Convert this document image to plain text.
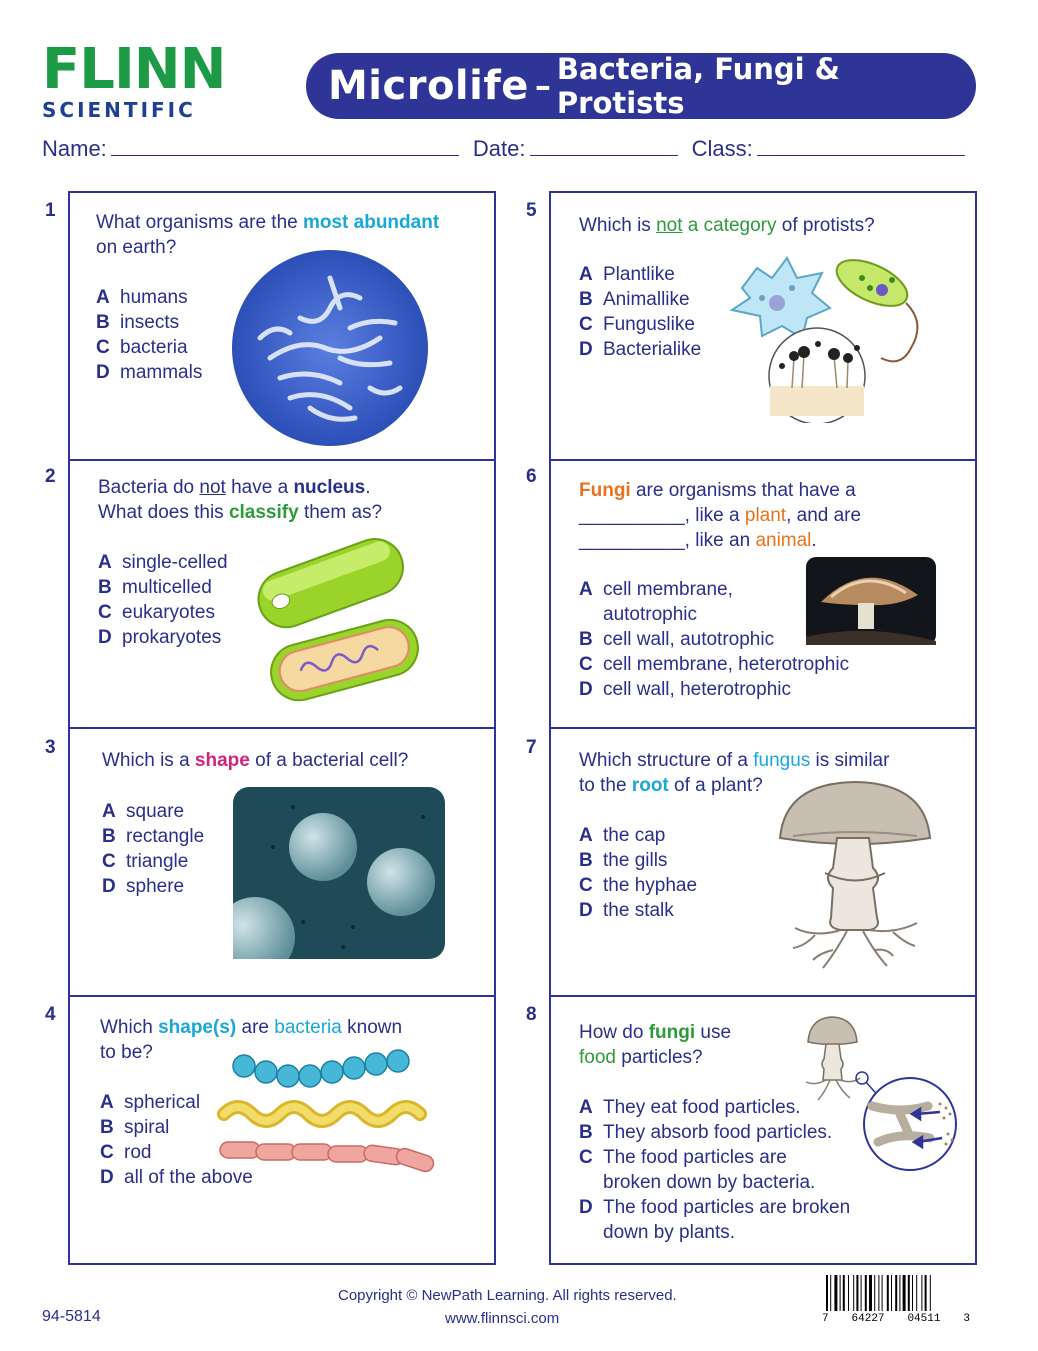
FLINN
SCIENTIFIC
Microlife – Bacteria, Fungi & Protists
Name:	Date:	Class:
1
What organisms are the most abundant
on earth?
A humans
B insects
C bacteria
D mammals
2
Bacteria do not have a nucleus.
What does this classify them as?
A single-celled
B multicelled
C eukaryotes
D prokaryotes
3
Which is a shape of a bacterial cell?
A square
B rectangle
C triangle
D sphere
4
Which shape(s) are bacteria known
to be?
A spherical
B spiral
C rod
D all of the above
5
Which is not a category of protists?
A Plantlike
B Animallike
C Funguslike
D Bacterialike
6
Fungi are organisms that have a
__________, like a plant, and are
__________, like an animal.
A cell membrane,
autotrophic
B cell wall, autotrophic
C cell membrane, heterotrophic
D cell wall, heterotrophic
7
Which structure of a fungus is similar
to the root of a plant?
A the cap
B the gills
C the hyphae
D the stalk
8
How do fungi use
food particles?
A They eat food particles.
B They absorb food particles.
C The food particles are
broken down by bacteria.
D The food particles are broken
down by plants.
94-5814
Copyright © NewPath Learning. All rights reserved.
www.flinnsci.com	7 64227 04511 3
